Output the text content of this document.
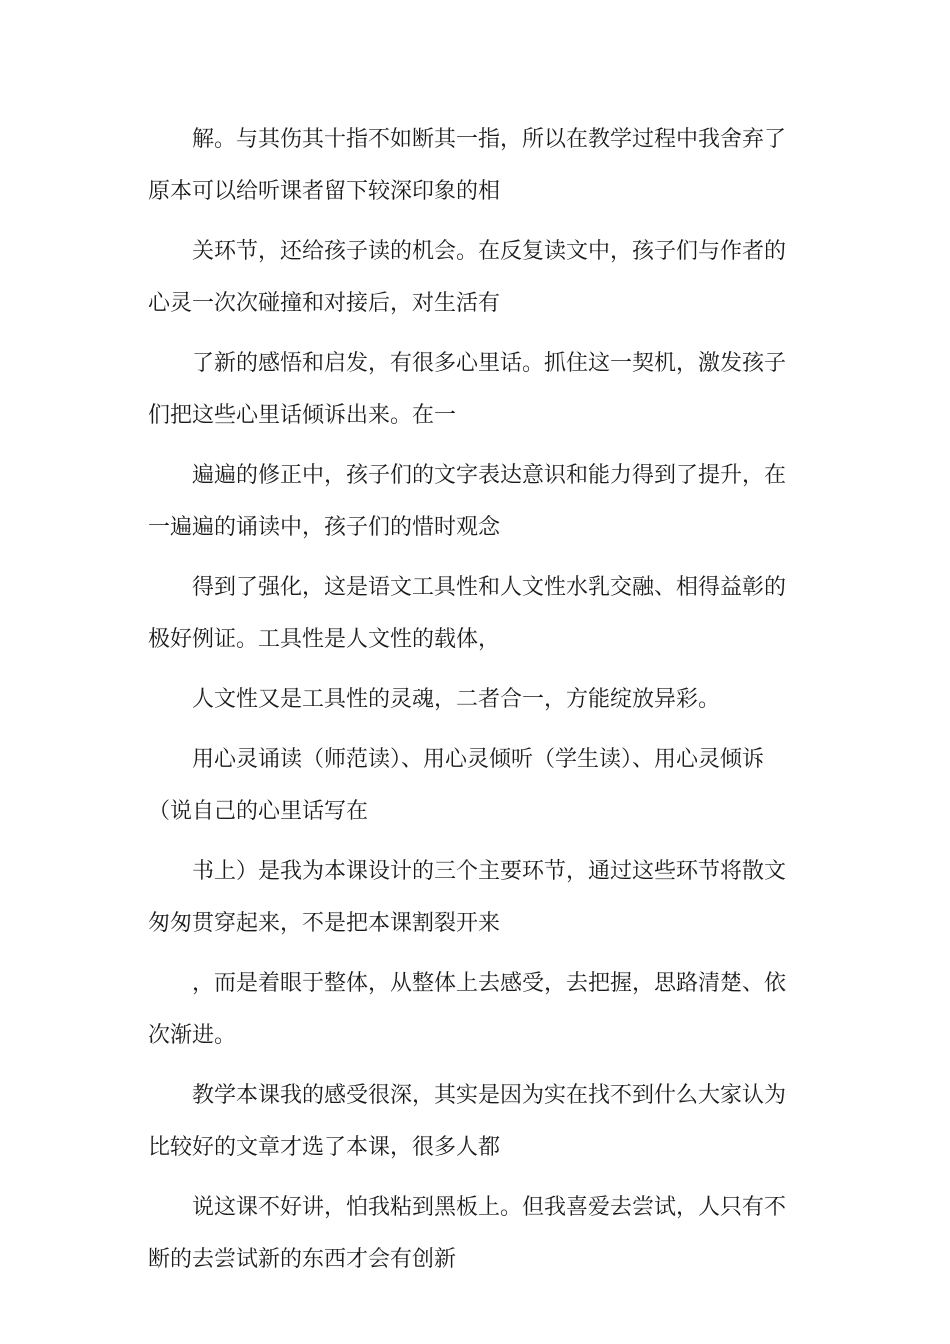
解。与其伤其十指不如断其一指，所以在教学过程中我舍弃了
原本可以给听课者留下较深印象的相

关环节，还给孩子读的机会。在反复读文中，孩子们与作者的
心灵一次次碰撞和对接后，对生活有

了新的感悟和启发，有很多心里话。抓住这一契机，激发孩子
们把这些心里话倾诉出来。在一

遍遍的修正中，孩子们的文字表达意识和能力得到了提升，在
一遍遍的诵读中，孩子们的惜时观念

得到了强化，这是语文工具性和人文性水乳交融、相得益彰的
极好例证。工具性是人文性的载体，

人文性又是工具性的灵魂，二者合一，方能绽放异彩。

用心灵诵读（师范读）、用心灵倾听（学生读）、用心灵倾诉
（说自己的心里话写在

书上）是我为本课设计的三个主要环节，通过这些环节将散文
匆匆贯穿起来，不是把本课割裂开来

，而是着眼于整体，从整体上去感受，去把握，思路清楚、依
次渐进。

教学本课我的感受很深，其实是因为实在找不到什么大家认为
比较好的文章才选了本课，很多人都

说这课不好讲，怕我粘到黑板上。但我喜爱去尝试，人只有不
断的去尝试新的东西才会有创新
